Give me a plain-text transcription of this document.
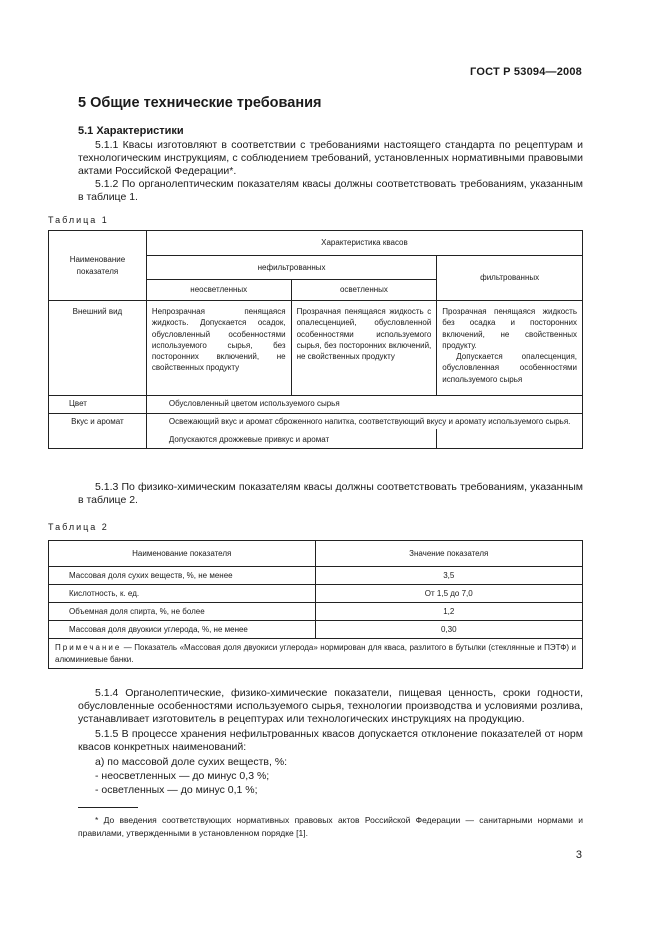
ГОСТ Р 53094—2008
5 Общие технические требования
5.1 Характеристики
5.1.1 Квасы изготовляют в соответствии с требованиями настоящего стандарта по рецептурам и технологическим инструкциям, с соблюдением требований, установленных нормативными правовыми актами Российской Федерации*.
5.1.2 По органолептическим показателям квасы должны соответствовать требованиям, указанным в таблице 1.
Таблица 1
Наименование показателя	Характеристика квасов		
	нефильтрованных		фильтрованных
	неосветленных	осветленных	
Внешний вид	Непрозрачная пенящаяся жидкость. Допускается осадок, обусловленный особенностями используемого сырья, без посторонних включений, не свойственных продукту	Прозрачная пенящаяся жидкость с опалесценцией, обусловленной особенностями используемого сырья, без посторонних включений, не свойственных продукту	Прозрачная пенящаяся жидкость без осадка и посторонних включений, не свойственных продукту.
Допускается опалесценция, обусловленная особенностями используемого сырья

Цвет	Обусловленный цветом используемого сырья		
Вкус и аромат	Освежающий вкус и аромат сброженного напитка, соответствующий вкусу и аромату используемого сырья.		
	Допускаются дрожжевые привкус и аромат		
5.1.3 По физико-химическим показателям квасы должны соответствовать требованиям, указанным в таблице 2.
Таблица 2
Наименование показателя	Значение показателя
Массовая доля сухих веществ, %, не менее	3,5
Кислотность, к. ед.	От 1,5 до 7,0
Объемная доля спирта, %, не более	1,2
Массовая доля двуокиси углерода, %, не менее	0,30
Примечание — Показатель «Массовая доля двуокиси углерода» нормирован для кваса, разлитого в бутылки (стеклянные и ПЭТФ) и алюминиевые банки.	
5.1.4 Органолептические, физико-химические показатели, пищевая ценность, сроки годности, обусловленные особенностями используемого сырья, технологии производства и условиями розлива, устанавливает изготовитель в рецептурах или технологических инструкциях на продукцию.
5.1.5 В процессе хранения нефильтрованных квасов допускается отклонение показателей от норм квасов конкретных наименований:
а) по массовой доле сухих веществ, %:
- неосветленных — до минус 0,3 %;
- осветленных — до минус 0,1 %;
* До введения соответствующих нормативных правовых актов Российской Федерации — санитарными нормами и правилами, утвержденными в установленном порядке [1].
3
